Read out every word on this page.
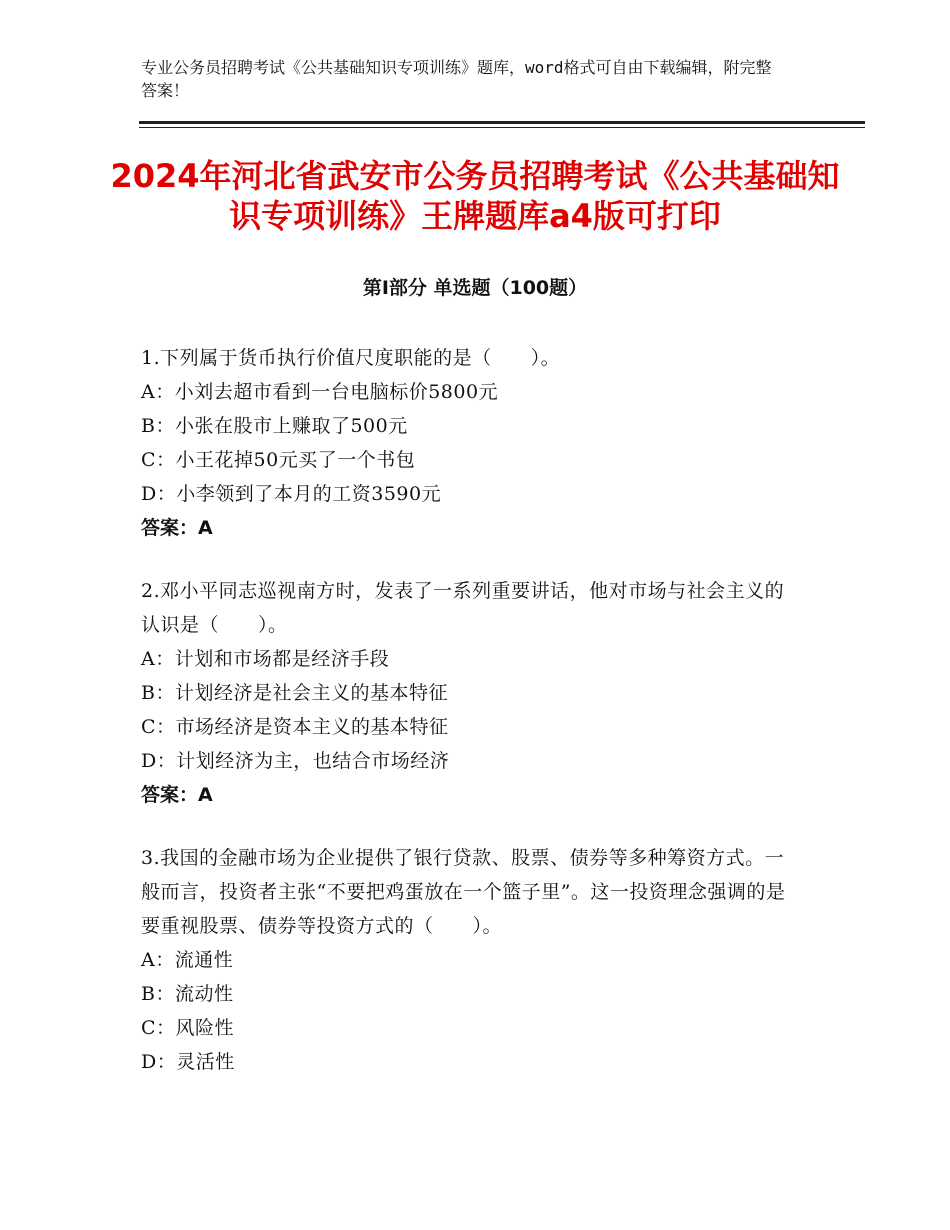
专业公务员招聘考试《公共基础知识专项训练》题库，word格式可自由下载编辑，附完整答案！
2024年河北省武安市公务员招聘考试《公共基础知识专项训练》王牌题库a4版可打印
第Ⅰ部分 单选题（100题）
1.下列属于货币执行价值尺度职能的是（　　）。
A：小刘去超市看到一台电脑标价5800元
B：小张在股市上赚取了500元
C：小王花掉50元买了一个书包
D：小李领到了本月的工资3590元
答案：A
2.邓小平同志巡视南方时，发表了一系列重要讲话，他对市场与社会主义的认识是（　　）。
A：计划和市场都是经济手段
B：计划经济是社会主义的基本特征
C：市场经济是资本主义的基本特征
D：计划经济为主，也结合市场经济
答案：A
3.我国的金融市场为企业提供了银行贷款、股票、债券等多种筹资方式。一般而言，投资者主张“不要把鸡蛋放在一个篮子里”。这一投资理念强调的是要重视股票、债券等投资方式的（　　）。
A：流通性
B：流动性
C：风险性
D：灵活性
